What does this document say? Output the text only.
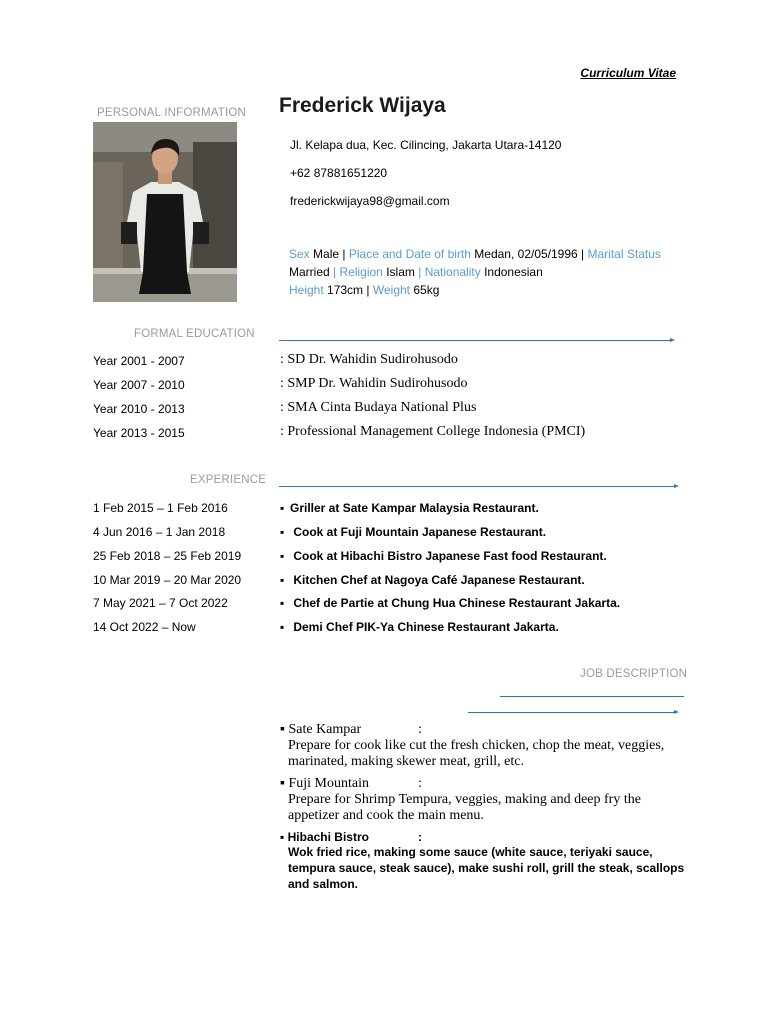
Curriculum Vitae
PERSONAL INFORMATION Frederick Wijaya
Jl. Kelapa dua, Kec. Cilincing, Jakarta Utara-14120
+62 87881651220
frederickwijaya98@gmail.com
Sex Male | Place and Date of birth Medan, 02/05/1996 | Marital Status Married | Religion Islam | Nationality Indonesian
Height 173cm | Weight 65kg
FORMAL EDUCATION
Year 2001 - 2007	: SD Dr. Wahidin Sudirohusodo
Year 2007 - 2010	: SMP Dr. Wahidin Sudirohusodo
Year 2010 - 2013	: SMA Cinta Budaya National Plus
Year 2013 - 2015	: Professional Management College Indonesia (PMCI)
EXPERIENCE
1 Feb 2015 – 1 Feb 2016	▪ Griller at Sate Kampar Malaysia Restaurant.
4 Jun 2016 – 1 Jan 2018	▪ Cook at Fuji Mountain Japanese Restaurant.
25 Feb 2018 – 25 Feb 2019	▪ Cook at Hibachi Bistro Japanese Fast food Restaurant.
10 Mar 2019 – 20 Mar 2020	▪ Kitchen Chef at Nagoya Café Japanese Restaurant.
7 May 2021 – 7 Oct 2022	▪ Chef de Partie at Chung Hua Chinese Restaurant Jakarta.
14 Oct 2022 – Now	▪ Demi Chef PIK-Ya Chinese Restaurant Jakarta.
JOB DESCRIPTION
▪ Sate Kampar	:
Prepare for cook like cut the fresh chicken, chop the meat, veggies, marinated, making skewer meat, grill, etc.
▪ Fuji Mountain	:
Prepare for Shrimp Tempura, veggies, making and deep fry the appetizer and cook the main menu.
▪ Hibachi Bistro	:
Wok fried rice, making some sauce (white sauce, teriyaki sauce, tempura sauce, steak sauce), make sushi roll, grill the steak, scallops and salmon.
